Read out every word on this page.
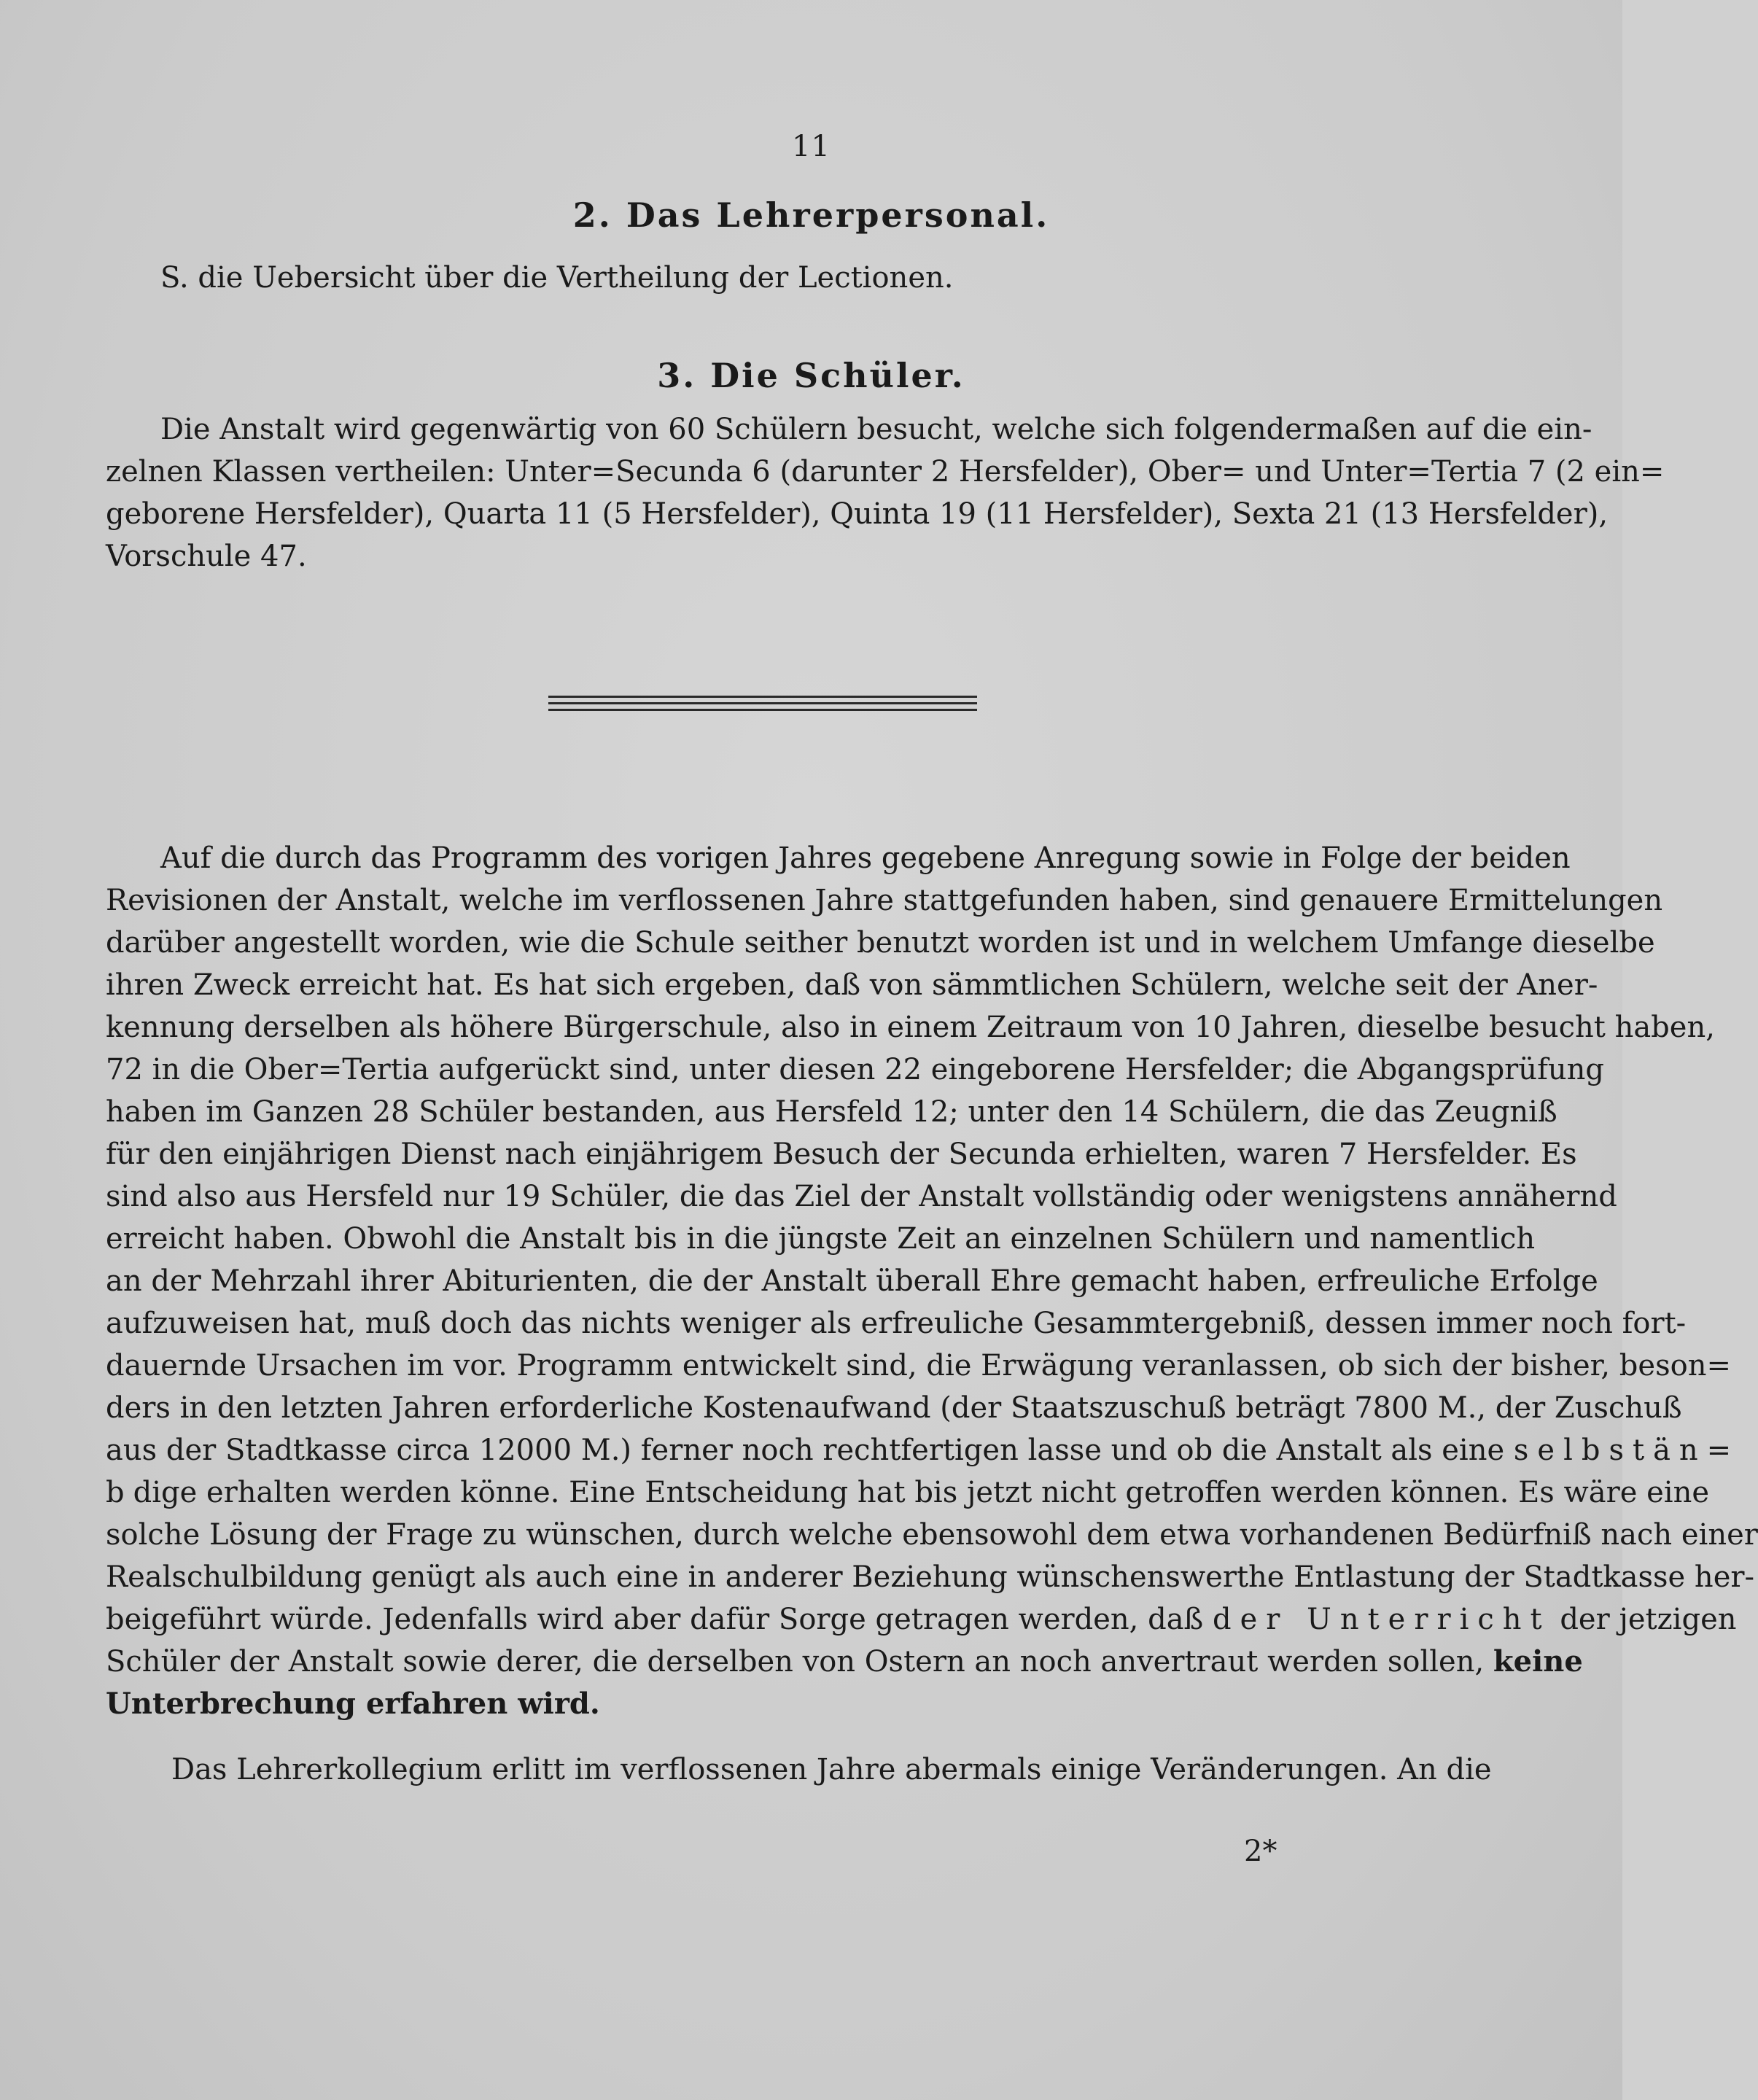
11
2. Das Lehrerpersonal.
S. die Uebersicht über die Vertheilung der Lectionen.
3. Die Schüler.
Die Anstalt wird gegenwärtig von 60 Schülern besucht, welche sich folgendermaßen auf die ein-
zelnen Klassen vertheilen: Unter=Secunda 6 (darunter 2 Hersfelder), Ober= und Unter=Tertia 7 (2 ein=
geborene Hersfelder), Quarta 11 (5 Hersfelder), Quinta 19 (11 Hersfelder), Sexta 21 (13 Hersfelder),
Vorschule 47.
Auf die durch das Programm des vorigen Jahres gegebene Anregung sowie in Folge der beiden
Revisionen der Anstalt, welche im verflossenen Jahre stattgefunden haben, sind genauere Ermittelungen
darüber angestellt worden, wie die Schule seither benutzt worden ist und in welchem Umfange dieselbe
ihren Zweck erreicht hat. Es hat sich ergeben, daß von sämmtlichen Schülern, welche seit der Aner-
kennung derselben als höhere Bürgerschule, also in einem Zeitraum von 10 Jahren, dieselbe besucht haben,
72 in die Ober=Tertia aufgerückt sind, unter diesen 22 eingeborene Hersfelder; die Abgangsprüfung
haben im Ganzen 28 Schüler bestanden, aus Hersfeld 12; unter den 14 Schülern, die das Zeugniß
für den einjährigen Dienst nach einjährigem Besuch der Secunda erhielten, waren 7 Hersfelder. Es
sind also aus Hersfeld nur 19 Schüler, die das Ziel der Anstalt vollständig oder wenigstens annähernd
erreicht haben. Obwohl die Anstalt bis in die jüngste Zeit an einzelnen Schülern und namentlich
an der Mehrzahl ihrer Abiturienten, die der Anstalt überall Ehre gemacht haben, erfreuliche Erfolge
aufzuweisen hat, muß doch das nichts weniger als erfreuliche Gesammtergebniß, dessen immer noch fort-
dauernde Ursachen im vor. Programm entwickelt sind, die Erwägung veranlassen, ob sich der bisher, beson=
ders in den letzten Jahren erforderliche Kostenaufwand (der Staatszuschuß beträgt 7800 M., der Zuschuß
aus der Stadtkasse circa 12000 M.) ferner noch rechtfertigen lasse und ob die Anstalt als eine selbstän=
bdige erhalten werden könne. Eine Entscheidung hat bis jetzt nicht getroffen werden können. Es wäre eine
solche Lösung der Frage zu wünschen, durch welche ebensowohl dem etwa vorhandenen Bedürfniß nach einer
Realschulbildung genügt als auch eine in anderer Beziehung wünschenswerthe Entlastung der Stadtkasse her-
beigeführt würde. Jedenfalls wird aber dafür Sorge getragen werden, daß der Unterricht der jetzigen
Schüler der Anstalt sowie derer, die derselben von Ostern an noch anvertraut werden sollen, keine
Unterbrechung erfahren wird.
Das Lehrerkollegium erlitt im verflossenen Jahre abermals einige Veränderungen. An die
2*
